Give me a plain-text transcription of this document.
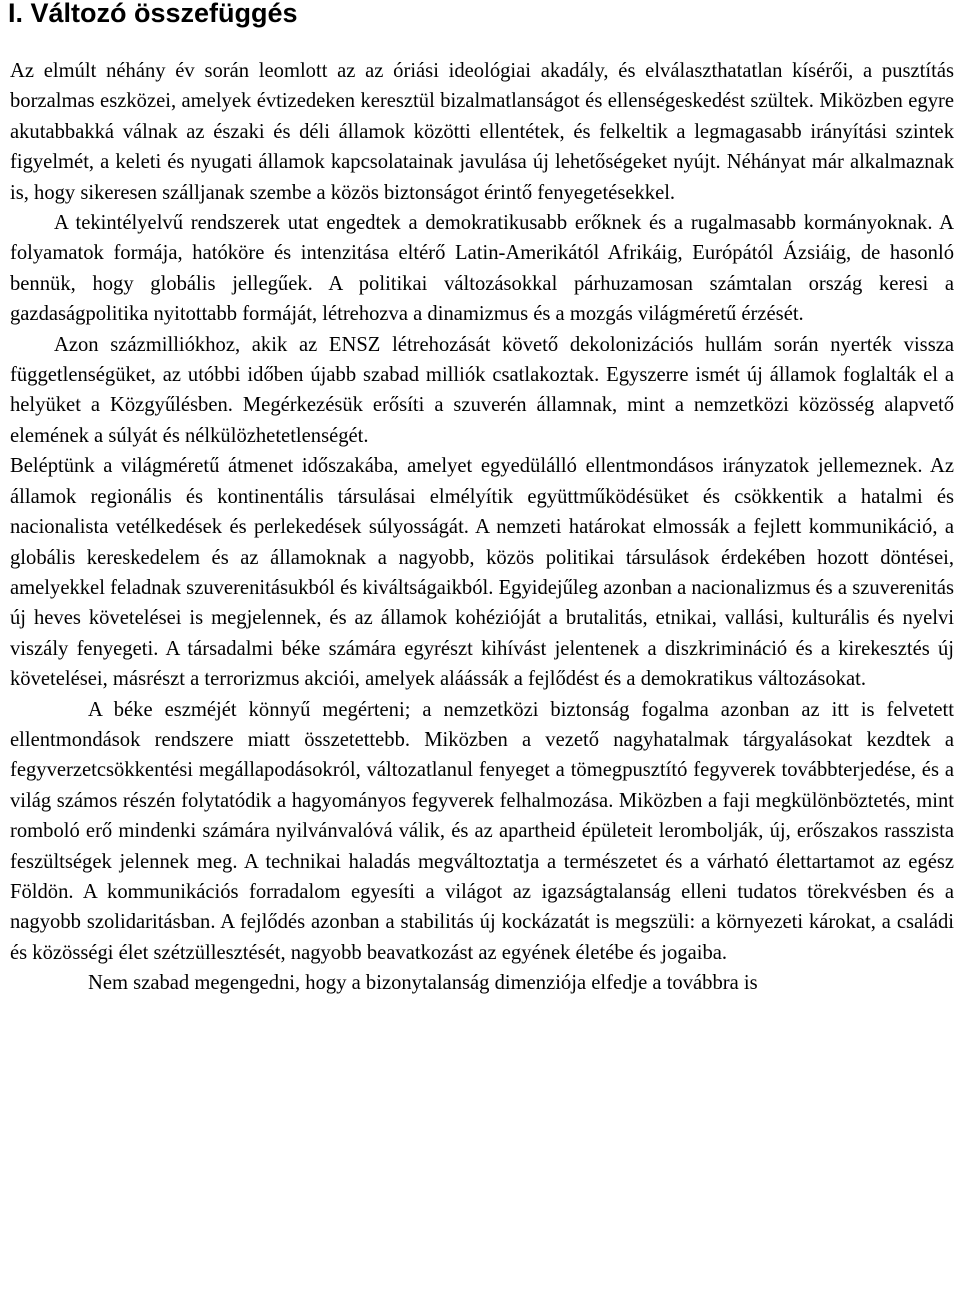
I. Változó összefüggés

Az elmúlt néhány év során leomlott az az óriási ideológiai akadály, és elválaszthatatlan kísérői, a pusztítás borzalmas eszközei, amelyek évtizedeken keresztül bizalmatlanságot és ellenségeskedést szültek. Miközben egyre akutabbakká válnak az északi és déli államok közötti ellentétek, és felkeltik a legmagasabb irányítási szintek figyelmét, a keleti és nyugati államok kapcsolatainak javulása új lehetőségeket nyújt. Néhányat már alkalmaznak is, hogy sikeresen szálljanak szembe a közös biztonságot érintő fenyegetésekkel.

A tekintélyelvű rendszerek utat engedtek a demokratikusabb erőknek és a rugalmasabb kormányoknak. A folyamatok formája, hatóköre és intenzitása eltérő Latin-Amerikától Afrikáig, Európától Ázsiáig, de hasonló bennük, hogy globális jellegűek. A politikai változásokkal párhuzamosan számtalan ország keresi a gazdaságpolitika nyitottabb formáját, létrehozva a dinamizmus és a mozgás világméretű érzését.

Azon százmilliókhoz, akik az ENSZ létrehozását követő dekolonizációs hullám során nyerték vissza függetlenségüket, az utóbbi időben újabb szabad milliók csatlakoztak. Egyszerre ismét új államok foglalták el a helyüket a Közgyűlésben. Megérkezésük erősíti a szuverén államnak, mint a nemzetközi közösség alapvető elemének a súlyát és nélkülözhetetlenségét.

Beléptünk a világméretű átmenet időszakába, amelyet egyedülálló ellentmondásos irányzatok jellemeznek. Az államok regionális és kontinentális társulásai elmélyítik együttműködésüket és csökkentik a hatalmi és nacionalista vetélkedések és perlekedések súlyosságát. A nemzeti határokat elmossák a fejlett kommunikáció, a globális kereskedelem és az államoknak a nagyobb, közös politikai társulások érdekében hozott döntései, amelyekkel feladnak szuverenitásukból és kiváltságaikból. Egyidejűleg azonban a nacionalizmus és a szuverenitás új heves követelései is megjelennek, és az államok kohézióját a brutalitás, etnikai, vallási, kulturális és nyelvi viszály fenyegeti. A társadalmi béke számára egyrészt kihívást jelentenek a diszkrimináció és a kirekesztés új követelései, másrészt a terrorizmus akciói, amelyek aláássák a fejlődést és a demokratikus változásokat.

A béke eszméjét könnyű megérteni; a nemzetközi biztonság fogalma azonban az itt is felvetett ellentmondások rendszere miatt összetettebb. Miközben a vezető nagyhatalmak tárgyalásokat kezdtek a fegyverzetcsökkentési megállapodásokról, változatlanul fenyeget a tömegpusztító fegyverek továbbterjedése, és a világ számos részén folytatódik a hagyományos fegyverek felhalmozása. Miközben a faji megkülönböztetés, mint romboló erő mindenki számára nyilvánvalóvá válik, és az apartheid épületeit lerombolják, új, erőszakos rasszista feszültségek jelennek meg. A technikai haladás megváltoztatja a természetet és a várható élettartamot az egész Földön. A kommunikációs forradalom egyesíti a világot az igazságtalanság elleni tudatos törekvésben és a nagyobb szolidaritásban. A fejlődés azonban a stabilitás új kockázatát is megszüli: a környezeti károkat, a családi és közösségi élet szétzüllesztését, nagyobb beavatkozást az egyének életébe és jogaiba.

Nem szabad megengedni, hogy a bizonytalanság dimenziója elfedje a továbbra is
